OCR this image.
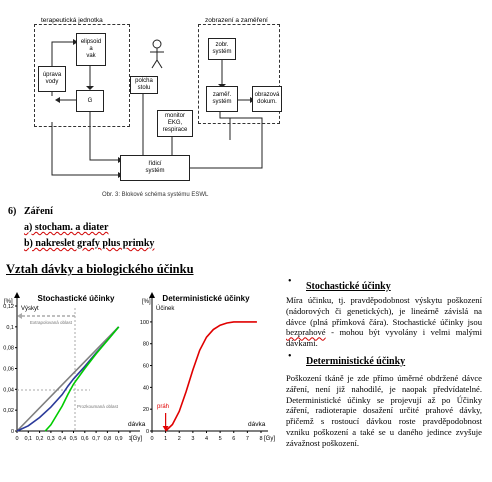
terapeutická jednotka	zobrazení a zaměření
elipsoid
a
vak
úprava
vody
G
polcha
stolu
monitor
EKG,
respirace
zobr.
systém
zaměř.
systém
obrazová
dokum.
řídicí
systém
Obr. 3: Blokové schéma systému ESWL
6) Záření
a) stocham. a diater
b) nakreslet grafy plus primky
Vztah dávky a biologického účinku
Stochastické účinky
[%]
Výskyt
dávka
[Gy]
Extrapolovaná oblast
Prozkoumaná oblast
0 0,1 0,2 0,3 0,4 0,5 0,6 0,7 0,8 0,9 1
0
0,02
0,04
0,06
0,08
0,1
0,12
Deterministické účinky
[%]
Účinek
dávka
[Gy]
práh
0 1 2 3 4 5 6 7 8
0
20
40
60
80
100
• Stochastické účinky
Míra účinku, tj. pravděpodobnost výskytu poškození (nádorových či genetických), je lineárně závislá na dávce (plná přímková čára). Stochastické účinky jsou bezprahové - mohou být vyvolány i velmi malými dávkami.
• Deterministické účinky
Poškození tkáně je zde přímo úměrné obdržené dávce záření, není již nahodilé, je naopak předvídatelné. Deterministické účinky se projevují až po Účinky záření, radioterapie dosažení určité prahové dávky, přičemž s rostoucí dávkou roste pravděpodobnost vzniku poškození a také se u daného jedince zvyšuje závažnost poškození.
